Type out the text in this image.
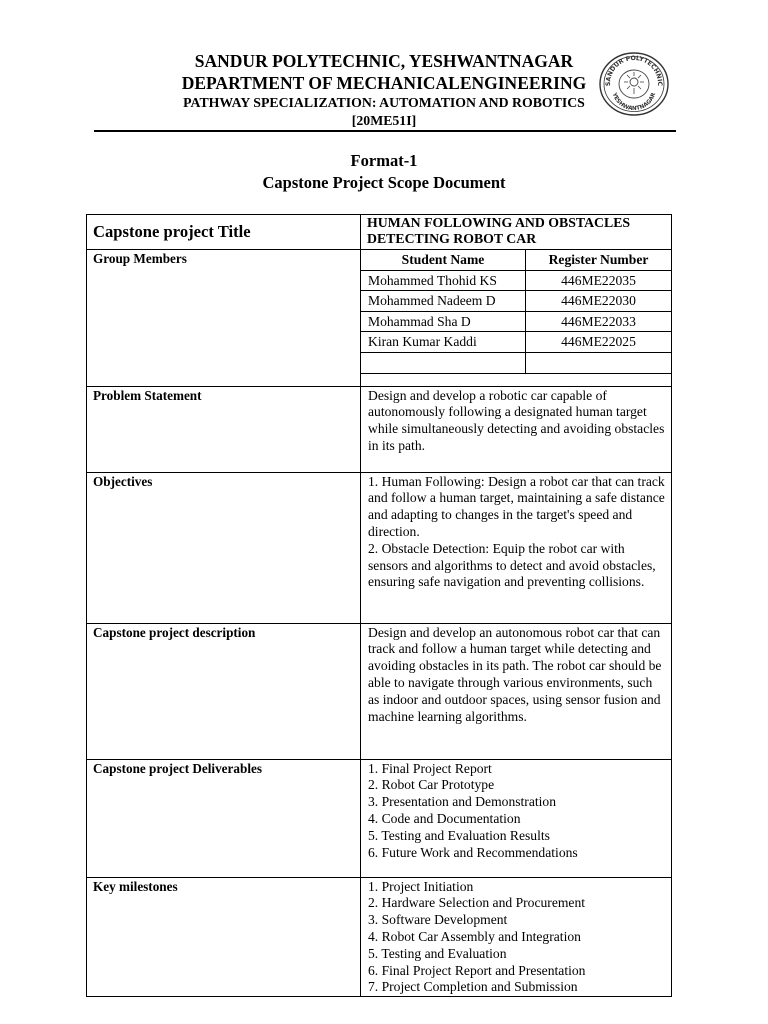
SANDUR POLYTECHNIC, YESHWANTNAGAR
DEPARTMENT OF MECHANICALENGINEERING
PATHWAY SPECIALIZATION: AUTOMATION AND ROBOTICS
[20ME51I]
SANDUR POLYTECHNIC
YESHWANTNAGAR
Format-1
Capstone Project Scope Document
Capstone project Title	HUMAN FOLLOWING AND OBSTACLES DETECTING ROBOT CAR
Group Members		Student Name	Register Number
Mohammed Thohid KS	446ME22035
Mohammed Nadeem D	446ME22030
Mohammad Sha D	446ME22033
Kiran Kumar Kaddi	446ME22025

Problem Statement	Design and develop a robotic car capable of autonomously following a designated human target while simultaneously detecting and avoiding obstacles in its path.
Objectives	1. Human Following: Design a robot car that can track and follow a human target, maintaining a safe distance and adapting to changes in the target's speed and direction.
2. Obstacle Detection: Equip the robot car with sensors and algorithms to detect and avoid obstacles, ensuring safe navigation and preventing collisions.

Capstone project description	Design and develop an autonomous robot car that can track and follow a human target while detecting and avoiding obstacles in its path. The robot car should be able to navigate through various environments, such as indoor and outdoor spaces, using sensor fusion and machine learning algorithms.
Capstone project Deliverables	1. Final Project Report
2. Robot Car Prototype
3. Presentation and Demonstration
4. Code and Documentation
5. Testing and Evaluation Results
6. Future Work and Recommendations

Key milestones	1. Project Initiation
2. Hardware Selection and Procurement
3. Software Development
4. Robot Car Assembly and Integration
5. Testing and Evaluation
6. Final Project Report and Presentation
7. Project Completion and Submission
